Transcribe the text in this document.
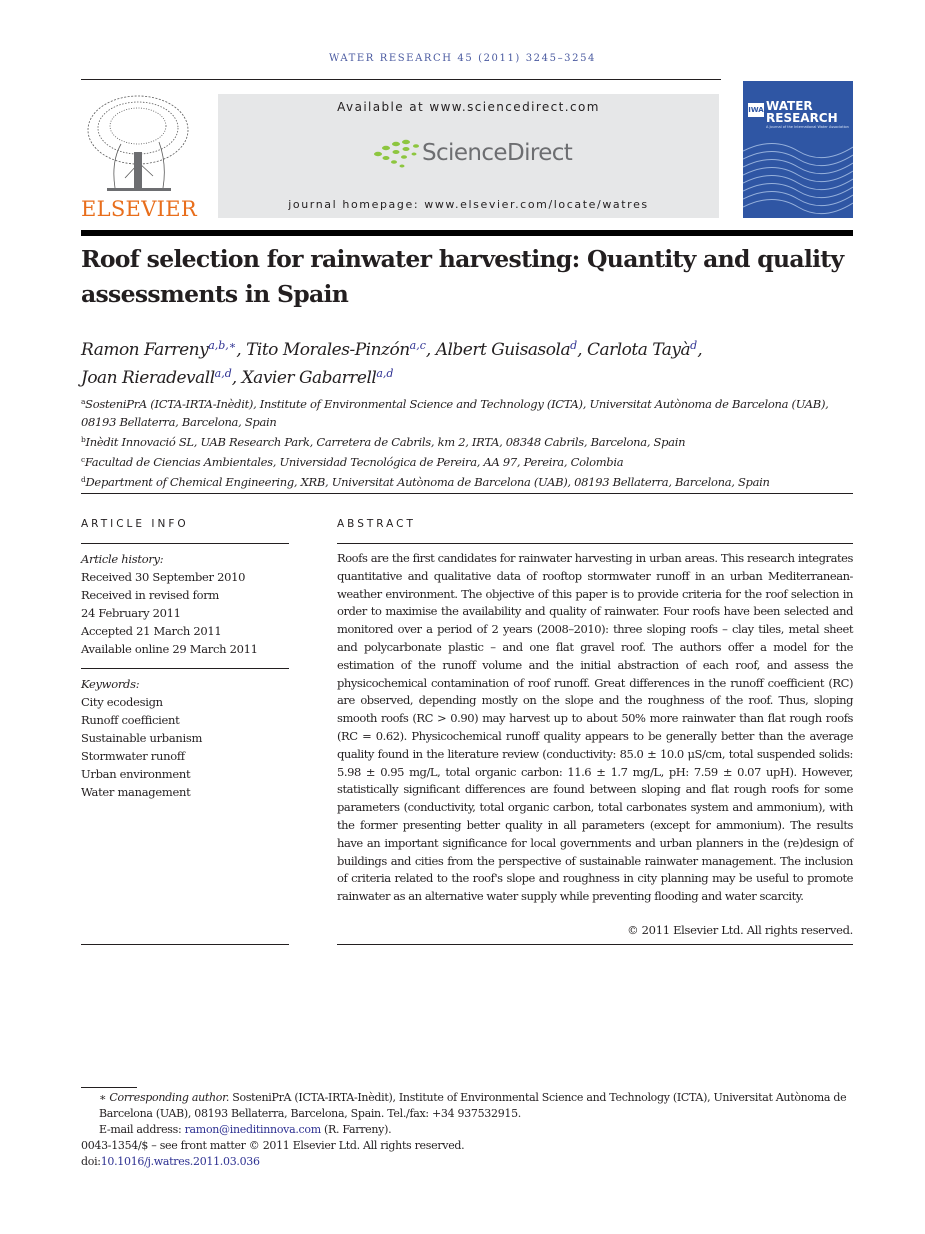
WATER RESEARCH 45 (2011) 3245–3254
ELSEVIER
Available at www.sciencedirect.com
ScienceDirect
journal homepage: www.elsevier.com/locate/watres
IWA WATER
RESEARCH
A Journal of the International Water Association
Roof selection for rainwater harvesting: Quantity and quality assessments in Spain
Ramon Farreny$^{a,b,∗}$, Tito Morales-Pinzón$^{a,c}$, Albert Guisasola$^d$, Carlota Tayà$^d$,
Joan Rieradevall$^{a,d}$, Xavier Gabarrell$^{a,d}$

$^a$SosteniPrA (ICTA-IRTA-Inèdit), Institute of Environmental Science and Technology (ICTA), Universitat Autònoma de Barcelona (UAB), 08193 Bellaterra, Barcelona, Spain

$^b$Inèdit Innovació SL, UAB Research Park, Carretera de Cabrils, km 2, IRTA, 08348 Cabrils, Barcelona, Spain

$^c$Facultad de Ciencias Ambientales, Universidad Tecnológica de Pereira, AA 97, Pereira, Colombia

$^d$Department of Chemical Engineering, XRB, Universitat Autònoma de Barcelona (UAB), 08193 Bellaterra, Barcelona, Spain

ARTICLE INFO	ABSTRACT

Article history:

Received 30 September 2010

Received in revised form

24 February 2011

Accepted 21 March 2011

Available online 29 March 2011

Keywords:

City ecodesign

Runoff coefficient

Sustainable urbanism

Stormwater runoff

Urban environment

Water management

Roofs are the first candidates for rainwater harvesting in urban areas. This research integrates quantitative and qualitative data of rooftop stormwater runoff in an urban Mediterranean-weather environment. The objective of this paper is to provide criteria for the roof selection in order to maximise the availability and quality of rainwater. Four roofs have been selected and monitored over a period of 2 years (2008–2010): three sloping roofs – clay tiles, metal sheet and polycarbonate plastic – and one flat gravel roof. The authors offer a model for the estimation of the runoff volume and the initial abstraction of each roof, and assess the physicochemical contamination of roof runoff. Great differences in the runoff coefficient (RC) are observed, depending mostly on the slope and the roughness of the roof. Thus, sloping smooth roofs (RC > 0.90) may harvest up to about 50% more rainwater than flat rough roofs (RC = 0.62). Physicochemical runoff quality appears to be generally better than the average quality found in the literature review (conductivity: 85.0 ± 10.0 μS/cm, total suspended solids: 5.98 ± 0.95 mg/L, total organic carbon: 11.6 ± 1.7 mg/L, pH: 7.59 ± 0.07 upH). However, statistically significant differences are found between sloping and flat rough roofs for some parameters (conductivity, total organic carbon, total carbonates system and ammonium), with the former presenting better quality in all parameters (except for ammonium). The results have an important significance for local governments and urban planners in the (re)design of buildings and cities from the perspective of sustainable rainwater management. The inclusion of criteria related to the roof's slope and roughness in city planning may be useful to promote rainwater as an alternative water supply while preventing flooding and water scarcity.

© 2011 Elsevier Ltd. All rights reserved.

∗ Corresponding author. SosteniPrA (ICTA-IRTA-Inèdit), Institute of Environmental Science and Technology (ICTA), Universitat Autònoma de Barcelona (UAB), 08193 Bellaterra, Barcelona, Spain. Tel./fax: +34 937532915.

E-mail address: ramon@ineditinnova.com (R. Farreny).

0043-1354/$ – see front matter © 2011 Elsevier Ltd. All rights reserved.

doi:10.1016/j.watres.2011.03.036
